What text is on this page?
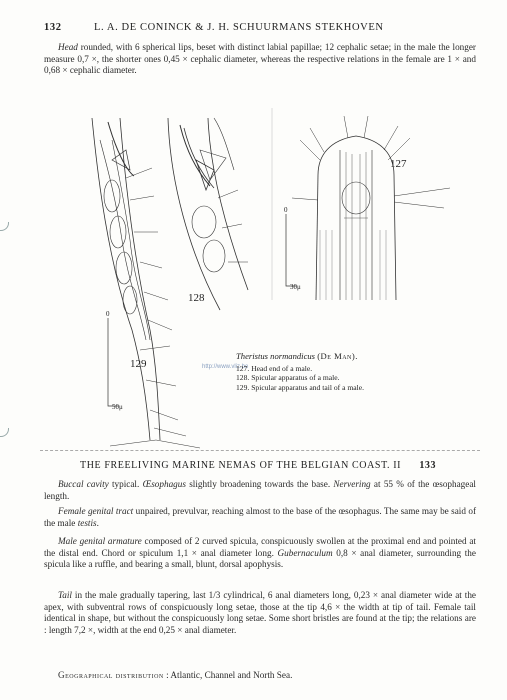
132	L. A. DE CONINCK & J. H. SCHUURMANS STEKHOVEN
Head rounded, with 6 spherical lips, beset with distinct labial papillae; 12 cephalic setae; in the male the longer measure 0,7 ×, the shorter ones 0,45 × cephalic diameter, whereas the respective relations in the female are 1 × and 0,68 × cephalic diameter.
127
128
129
0
30μ
0
50μ
http://www.vliz.be
Theristus normandicus (De Man).
127. Head end of a male.
128. Spicular apparatus of a male.
129. Spicular apparatus and tail of a male.
THE FREELIVING MARINE NEMAS OF THE BELGIAN COAST. II 133
Buccal cavity typical. Œsophagus slightly broadening towards the base. Nervering at 55 % of the œsophageal length.
Female genital tract unpaired, prevulvar, reaching almost to the base of the œsophagus. The same may be said of the male testis.
Male genital armature composed of 2 curved spicula, conspicuously swollen at the proximal end and pointed at the distal end. Chord or spiculum 1,1 × anal diameter long. Gubernaculum 0,8 × anal diameter, surrounding the spicula like a ruffle, and bearing a small, blunt, dorsal apophysis.
Tail in the male gradually tapering, last 1/3 cylindrical, 6 anal diameters long, 0,23 × anal diameter wide at the apex, with subventral rows of conspicuously long setae, those at the tip 4,6 × the width at tip of tail. Female tail identical in shape, but without the conspicuously long setae. Some short bristles are found at the tip; the relations are : length 7,2 ×, width at the end 0,25 × anal diameter.
Geographical distribution : Atlantic, Channel and North Sea.
